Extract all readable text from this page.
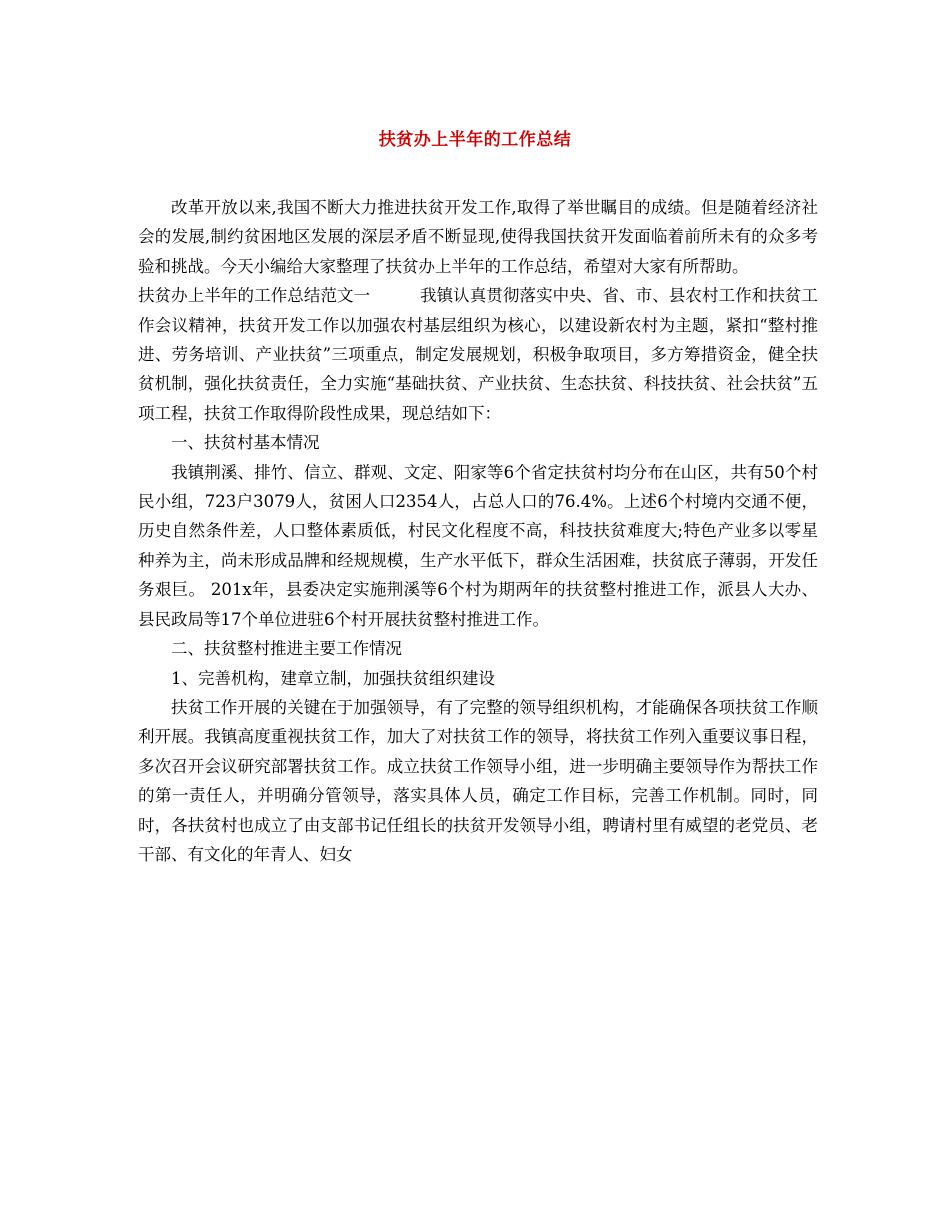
扶贫办上半年的工作总结

改革开放以来,我国不断大力推进扶贫开发工作,取得了举世瞩目的成绩。但是随着经济社会的发展,制约贫困地区发展的深层矛盾不断显现,使得我国扶贫开发面临着前所未有的众多考验和挑战。今天小编给大家整理了扶贫办上半年的工作总结，希望对大家有所帮助。

扶贫办上半年的工作总结范文一　　　我镇认真贯彻落实中央、省、市、县农村工作和扶贫工作会议精神，扶贫开发工作以加强农村基层组织为核心，以建设新农村为主题，紧扣“整村推进、劳务培训、产业扶贫”三项重点，制定发展规划，积极争取项目，多方筹措资金，健全扶贫机制，强化扶贫责任，全力实施“基础扶贫、产业扶贫、生态扶贫、科技扶贫、社会扶贫”五项工程，扶贫工作取得阶段性成果，现总结如下：

一、扶贫村基本情况

我镇荆溪、排竹、信立、群观、文定、阳家等6个省定扶贫村均分布在山区，共有50个村民小组，723户3079人，贫困人口2354人，占总人口的76.4%。上述6个村境内交通不便，历史自然条件差，人口整体素质低，村民文化程度不高，科技扶贫难度大;特色产业多以零星种养为主，尚未形成品牌和经规规模，生产水平低下，群众生活困难，扶贫底子薄弱，开发任务艰巨。 201x年，县委决定实施荆溪等6个村为期两年的扶贫整村推进工作，派县人大办、县民政局等17个单位进驻6个村开展扶贫整村推进工作。

二、扶贫整村推进主要工作情况

1、完善机构，建章立制，加强扶贫组织建设

扶贫工作开展的关键在于加强领导，有了完整的领导组织机构，才能确保各项扶贫工作顺利开展。我镇高度重视扶贫工作，加大了对扶贫工作的领导，将扶贫工作列入重要议事日程，多次召开会议研究部署扶贫工作。成立扶贫工作领导小组，进一步明确主要领导作为帮扶工作的第一责任人，并明确分管领导，落实具体人员，确定工作目标，完善工作机制。同时，同时，各扶贫村也成立了由支部书记任组长的扶贫开发领导小组，聘请村里有威望的老党员、老干部、有文化的年青人、妇女
